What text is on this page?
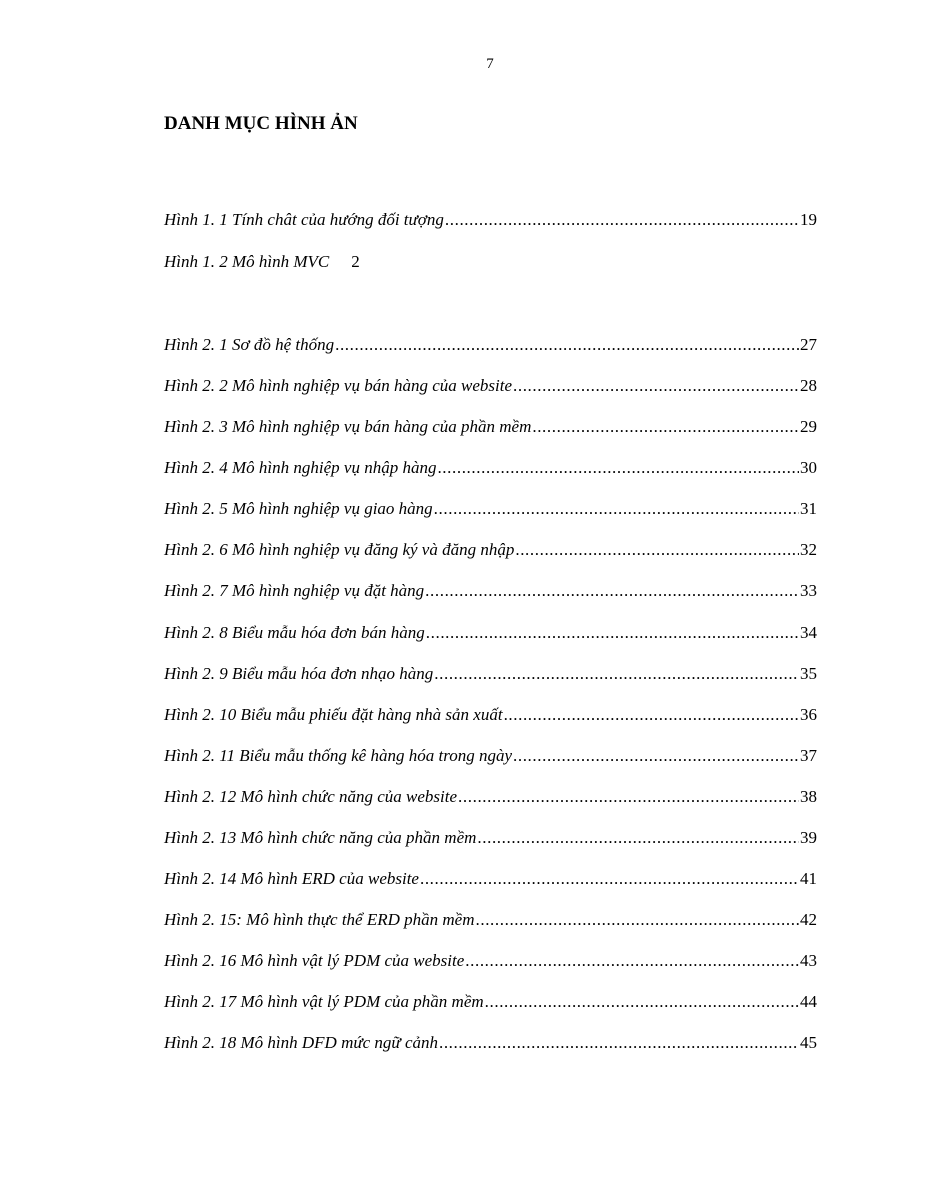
7
DANH MỤC HÌNH ẢN
Hình 1. 1 Tính chât của hướng đối tượng .....	19
Hình 1. 2 Mô hình MVC 2
Hình 2. 1 Sơ đồ hệ thống .....	27
Hình 2. 2 Mô hình nghiệp vụ bán hàng của website .....	28
Hình 2. 3 Mô hình nghiệp vụ bán hàng của phần mềm .....	29
Hình 2. 4 Mô hình nghiệp vụ nhập hàng .....	30
Hình 2. 5 Mô hình nghiệp vụ giao hàng .....	31
Hình 2. 6 Mô hình nghiệp vụ đăng ký và đăng nhập .....	32
Hình 2. 7 Mô hình nghiệp vụ đặt hàng .....	33
Hình 2. 8 Biểu mẫu hóa đơn bán hàng .....	34
Hình 2. 9 Biểu mẫu hóa đơn nhạo hàng .....	35
Hình 2. 10 Biểu mẫu phiếu đặt hàng nhà sản xuất .....	36
Hình 2. 11 Biểu mẫu thống kê hàng hóa trong ngày .....	37
Hình 2. 12 Mô hình chức năng của website .....	38
Hình 2. 13 Mô hình chức năng của phần mềm .....	39
Hình 2. 14 Mô hình ERD của website .....	41
Hình 2. 15: Mô hình thực thể ERD phần mềm .....	42
Hình 2. 16 Mô hình vật lý PDM của website .....	43
Hình 2. 17 Mô hình vật lý PDM của phần mềm .....	44
Hình 2. 18 Mô hình DFD mức ngữ cảnh .....	45
